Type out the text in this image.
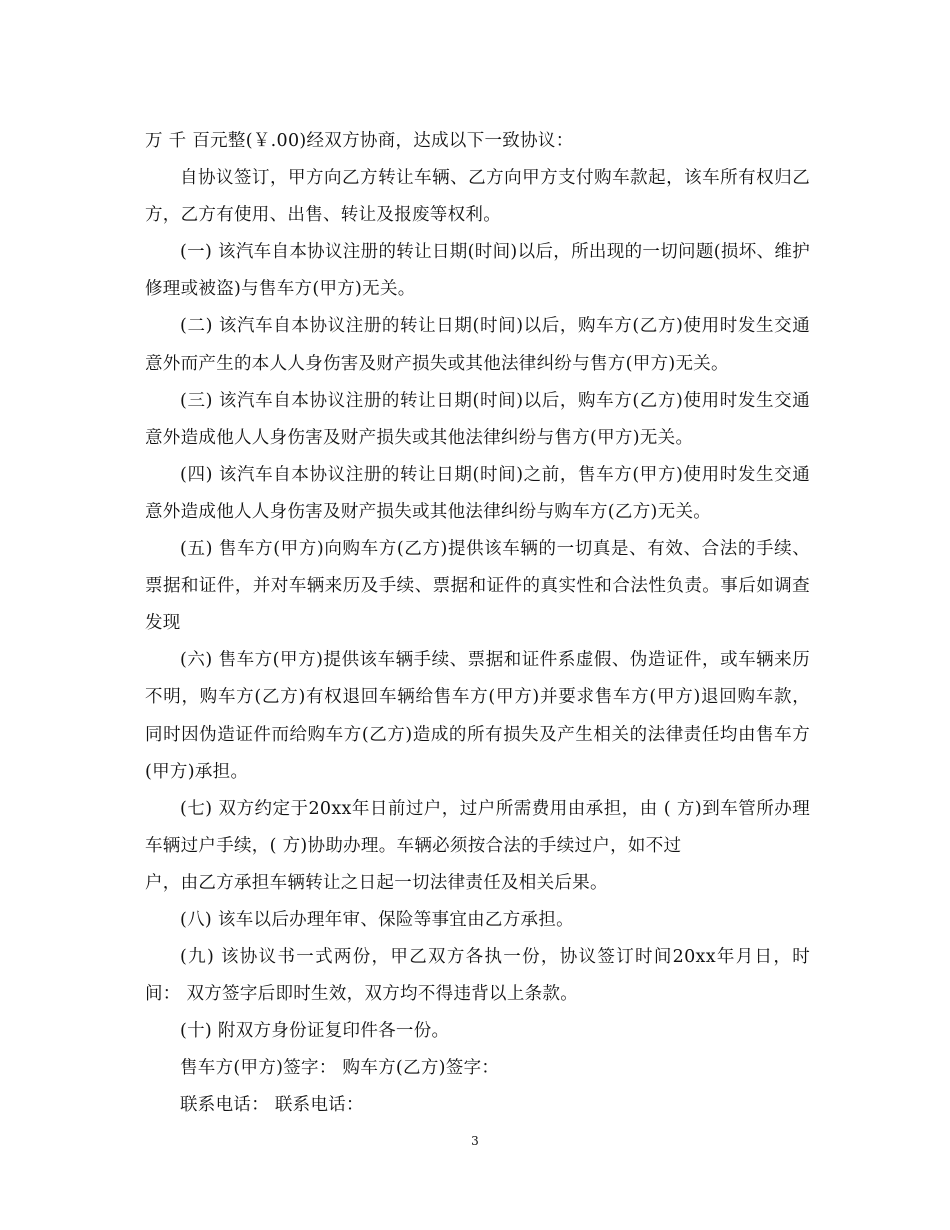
万 千 百元整(￥.00)经双方协商，达成以下一致协议：

自协议签订，甲方向乙方转让车辆、乙方向甲方支付购车款起，该车所有权归乙方，乙方有使用、出售、转让及报废等权利。

(一) 该汽车自本协议注册的转让日期(时间)以后，所出现的一切问题(损坏、维护修理或被盗)与售车方(甲方)无关。

(二) 该汽车自本协议注册的转让日期(时间)以后，购车方(乙方)使用时发生交通意外而产生的本人人身伤害及财产损失或其他法律纠纷与售方(甲方)无关。

(三) 该汽车自本协议注册的转让日期(时间)以后，购车方(乙方)使用时发生交通意外造成他人人身伤害及财产损失或其他法律纠纷与售方(甲方)无关。

(四) 该汽车自本协议注册的转让日期(时间)之前，售车方(甲方)使用时发生交通意外造成他人人身伤害及财产损失或其他法律纠纷与购车方(乙方)无关。

(五) 售车方(甲方)向购车方(乙方)提供该车辆的一切真是、有效、合法的手续、票据和证件，并对车辆来历及手续、票据和证件的真实性和合法性负责。事后如调查发现

(六) 售车方(甲方)提供该车辆手续、票据和证件系虚假、伪造证件，或车辆来历不明，购车方(乙方)有权退回车辆给售车方(甲方)并要求售车方(甲方)退回购车款，同时因伪造证件而给购车方(乙方)造成的所有损失及产生相关的法律责任均由售车方(甲方)承担。

(七) 双方约定于20xx年日前过户，过户所需费用由承担，由 ( 方)到车管所办理车辆过户手续，( 方)协助办理。车辆必须按合法的手续过户，如不过
户，由乙方承担车辆转让之日起一切法律责任及相关后果。

(八) 该车以后办理年审、保险等事宜由乙方承担。

(九) 该协议书一式两份，甲乙双方各执一份，协议签订时间20xx年月日，时间： 双方签字后即时生效，双方均不得违背以上条款。

(十) 附双方身份证复印件各一份。

售车方(甲方)签字： 购车方(乙方)签字：

联系电话： 联系电话：

3
